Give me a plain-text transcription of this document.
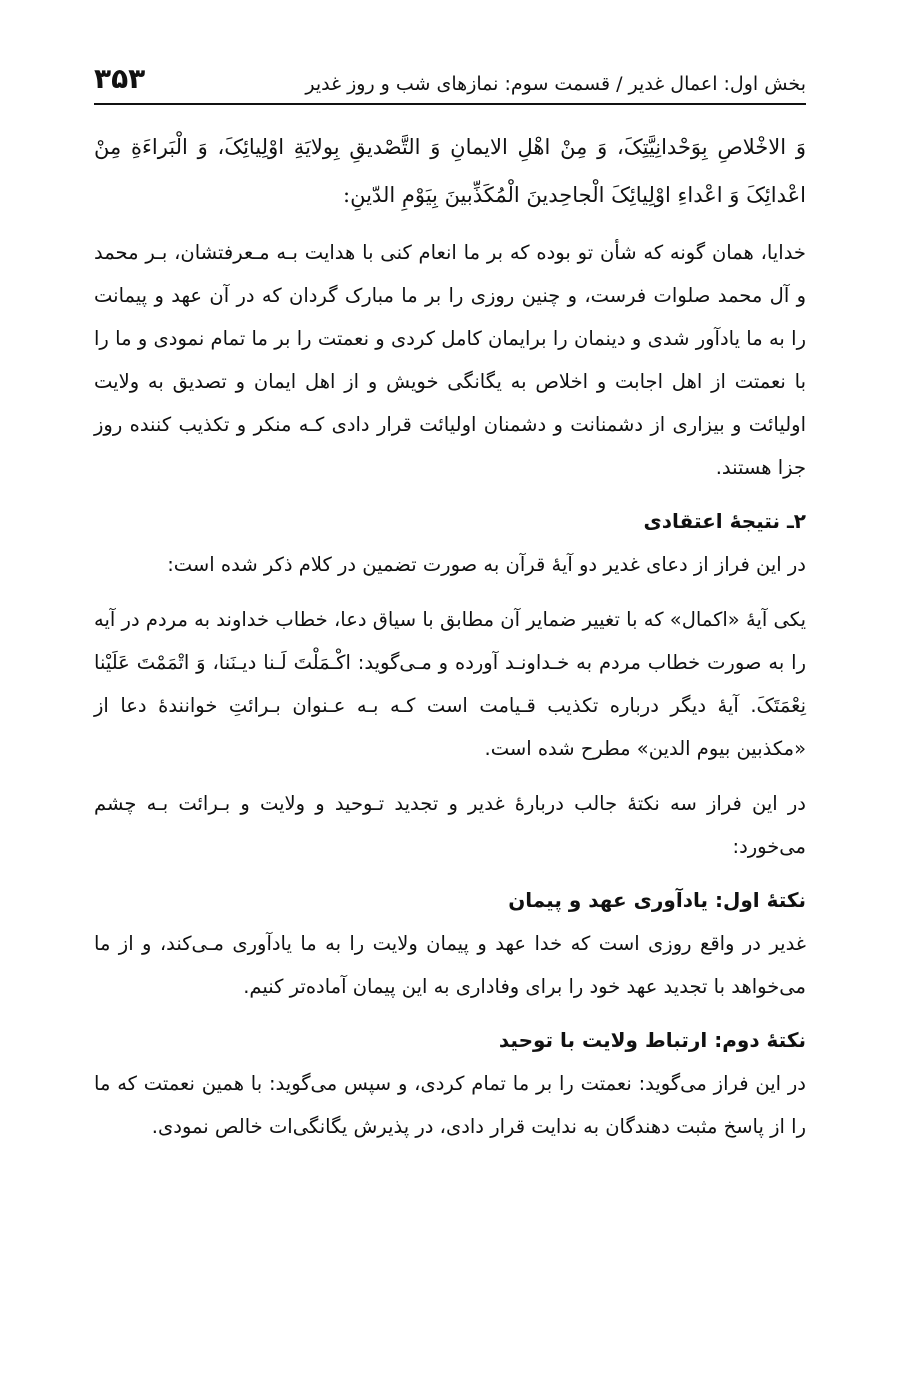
بخش اول: اعمال غدیر / قسمت سوم: نمازهای شب و روز غدیر
۳۵۳

وَ الاخْلاصِ بِوَحْدانِیَّتِکَ، وَ مِنْ اهْلِ الایمانِ وَ التَّصْدیقِ بِولایَةِ اوْلِیائِکَ، وَ الْبَراءَةِ مِنْ اعْدائِکَ وَ اعْداءِ اوْلِیائِکَ الْجاحِدینَ الْمُکَذِّبینَ بِیَوْمِ الدّینِ:

خدایا، همان گونه که شأن تو بوده که بر ما انعام کنی با هدایت بـه مـعرفتشان، بـر محمد و آل محمد صلوات فرست، و چنین روزی را بر ما مبارک گردان که در آن عهد و پیمانت را به ما یادآور شدی و دینمان را برایمان کامل کردی و نعمتت را بر ما تمام نمودی و ما را با نعمتت از اهل اجابت و اخلاص به یگانگی خویش و از اهل ایمان و تصدیق به ولایت اولیائت و بیزاری از دشمنانت و دشمنان اولیائت قرار دادی کـه منکر و تکذیب کننده روز جزا هستند.

۲ـ نتیجهٔ اعتقادی

در این فراز از دعای غدیر دو آیهٔ قرآن به صورت تضمین در کلام ذکر شده است:

یکی آیهٔ «اکمال» که با تغییر ضمایر آن مطابق با سیاق دعا، خطاب خداوند به مردم در آیه را به صورت خطاب مردم به خـداونـد آورده و مـی‌گوید: اکْـمَلْتَ لَـنا دیـنَنا، وَ اتْمَمْتَ عَلَیْنا نِعْمَتَکَ. آیهٔ دیگر درباره تکذیب قـیامت است کـه بـه عـنوان بـرائتِ خوانندهٔ دعا از «مکذبین بیوم الدین» مطرح شده است.

در این فراز سه نکتهٔ جالب دربارهٔ غدیر و تجدید تـوحید و ولایت و بـرائت بـه چشم می‌خورد:

نکتهٔ اول: یادآوری عهد و پیمان

غدیر در واقع روزی است که خدا عهد و پیمان ولایت را به ما یادآوری مـی‌کند، و از ما می‌خواهد با تجدید عهد خود را برای وفاداری به این پیمان آماده‌تر کنیم.

نکتهٔ دوم: ارتباط ولایت با توحید

در این فراز می‌گوید: نعمتت را بر ما تمام کردی، و سپس می‌گوید: با همین نعمتت که ما را از پاسخ مثبت دهندگان به ندایت قرار دادی، در پذیرش یگانگی‌ات خالص نمودی.
